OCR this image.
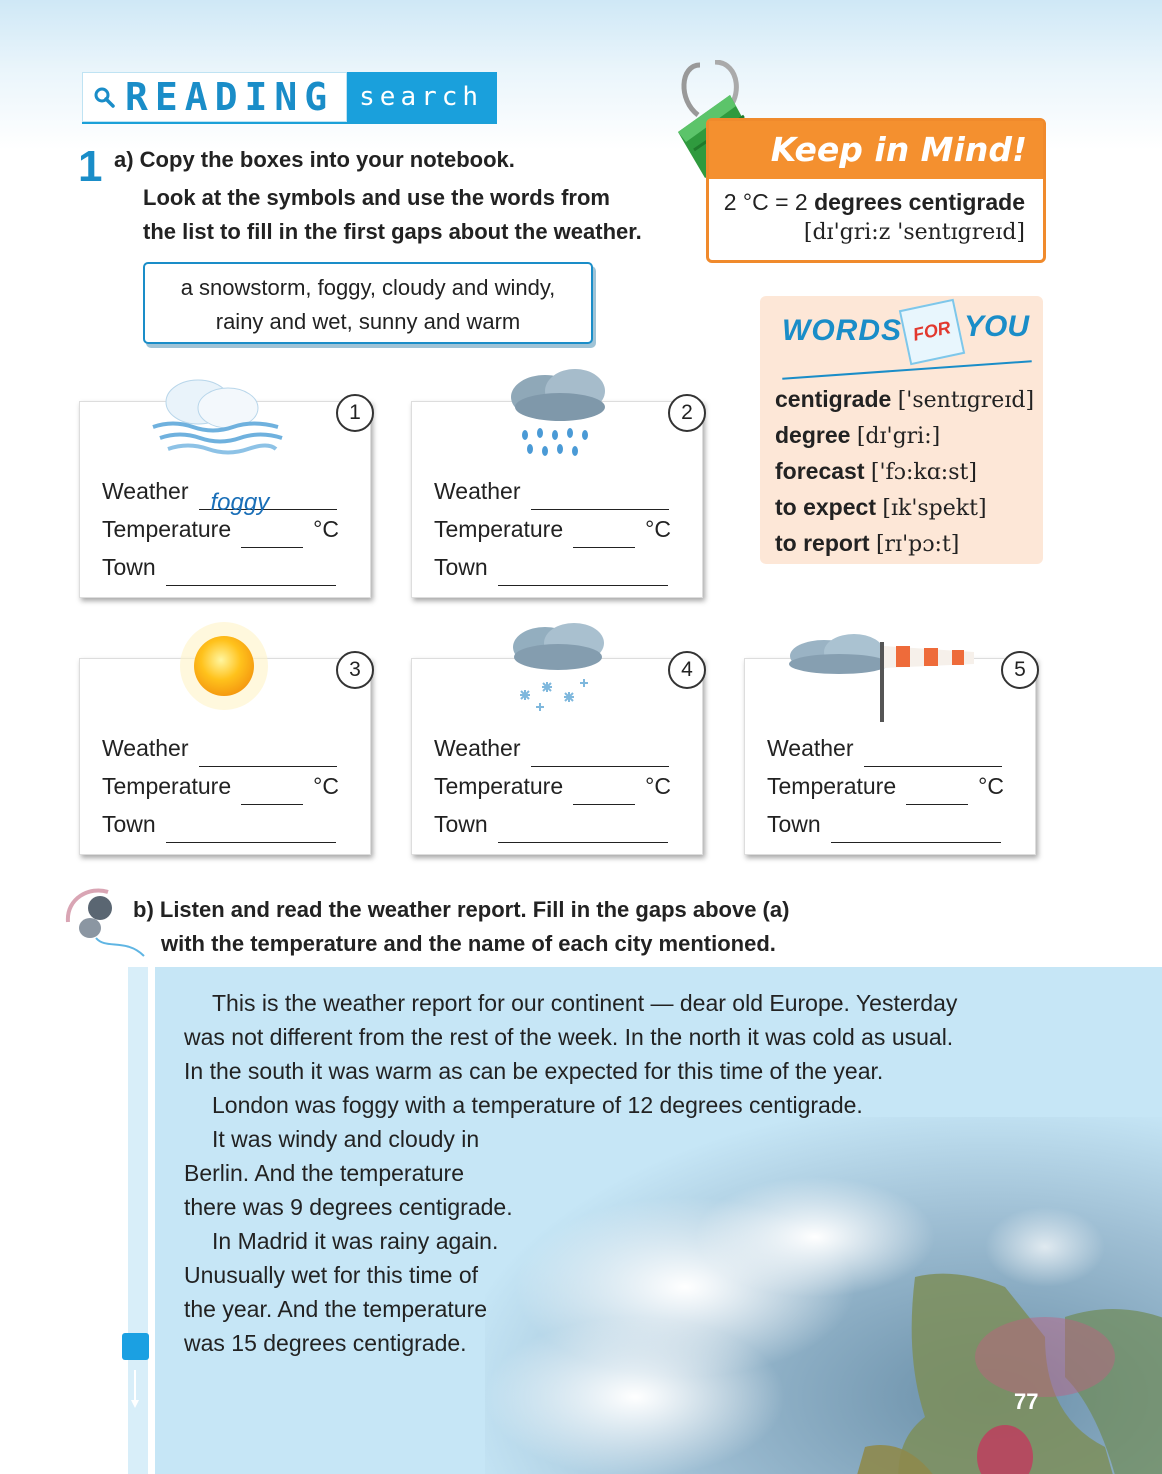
READING search
1 a) Copy the boxes into your notebook.
Look at the symbols and use the words from
the list to fill in the first gaps about the weather.
a snowstorm, foggy, cloudy and windy,
rainy and wet, sunny and warm
Keep in Mind!
2 °C = 2 degrees centigrade
[dɪ'gri:z 'sentɪgreɪd]
WORDS FOR YOU
centigrade ['sentɪgreɪd]
degree [dɪ'gri:]
forecast ['fɔ:kɑ:st]
to expect [ɪk'spekt]
to report [rɪ'pɔ:t]
1
Weather foggy
Temperature	°C
Town
2
Weather
Temperature	°C
Town
3
Weather
Temperature	°C
Town
4
Weather
Temperature	°C
Town
5
Weather
Temperature	°C
Town
b) Listen and read the weather report. Fill in the gaps above (a)
with the temperature and the name of each city mentioned.

This is the weather report for our continent — dear old Europe. Yesterday

was not different from the rest of the week. In the north it was cold as usual.

In the south it was warm as can be expected for this time of the year.

London was foggy with a temperature of 12 degrees centigrade.

It was windy and cloudy in

Berlin. And the temperature

there was 9 degrees centigrade.

In Madrid it was rainy again.

Unusually wet for this time of

the year. And the temperature

was 15 degrees centigrade.

77
